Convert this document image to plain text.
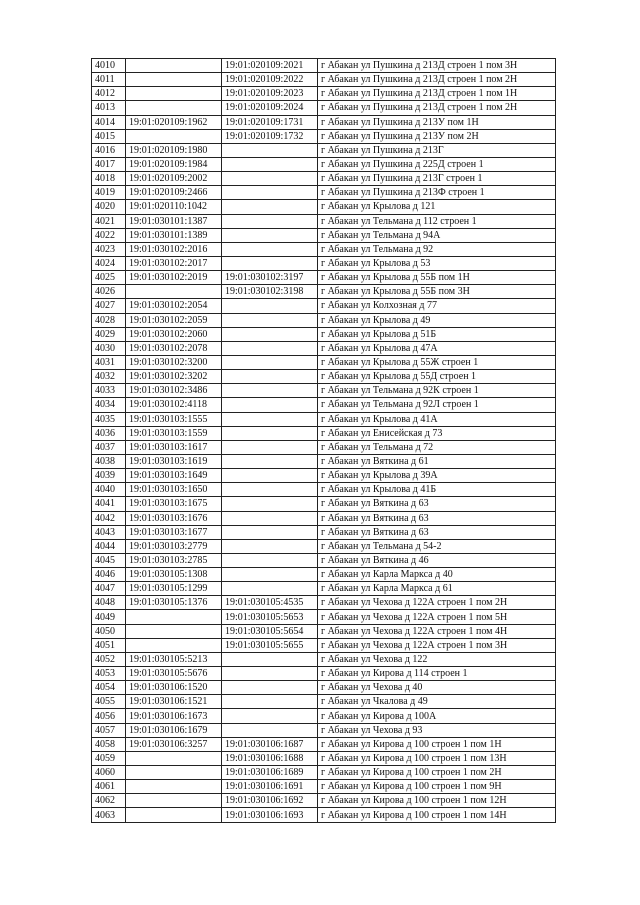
4010		19:01:020109:2021	г Абакан ул Пушкина д 213Д строен 1 пом 3Н
4011		19:01:020109:2022	г Абакан ул Пушкина д 213Д строен 1 пом 2Н
4012		19:01:020109:2023	г Абакан ул Пушкина д 213Д строен 1 пом 1Н
4013		19:01:020109:2024	г Абакан ул Пушкина д 213Д строен 1 пом 2Н
4014	19:01:020109:1962	19:01:020109:1731	г Абакан ул Пушкина д 213У пом 1Н
4015		19:01:020109:1732	г Абакан ул Пушкина д 213У пом 2Н
4016	19:01:020109:1980		г Абакан ул Пушкина д 213Г
4017	19:01:020109:1984		г Абакан ул Пушкина д 225Д строен 1
4018	19:01:020109:2002		г Абакан ул Пушкина д 213Г строен 1
4019	19:01:020109:2466		г Абакан ул Пушкина д 213Ф строен 1
4020	19:01:020110:1042		г Абакан ул Крылова д 121
4021	19:01:030101:1387		г Абакан ул Тельмана д 112 строен 1
4022	19:01:030101:1389		г Абакан ул Тельмана д 94А
4023	19:01:030102:2016		г Абакан ул Тельмана д 92
4024	19:01:030102:2017		г Абакан ул Крылова д 53
4025	19:01:030102:2019	19:01:030102:3197	г Абакан ул Крылова д 55Б пом 1Н
4026		19:01:030102:3198	г Абакан ул Крылова д 55Б пом 3Н
4027	19:01:030102:2054		г Абакан ул Колхозная д 77
4028	19:01:030102:2059		г Абакан ул Крылова д 49
4029	19:01:030102:2060		г Абакан ул Крылова д 51Б
4030	19:01:030102:2078		г Абакан ул Крылова д 47А
4031	19:01:030102:3200		г Абакан ул Крылова д 55Ж строен 1
4032	19:01:030102:3202		г Абакан ул Крылова д 55Д строен 1
4033	19:01:030102:3486		г Абакан ул Тельмана д 92К строен 1
4034	19:01:030102:4118		г Абакан ул Тельмана д 92Л строен 1
4035	19:01:030103:1555		г Абакан ул Крылова д 41А
4036	19:01:030103:1559		г Абакан ул Енисейская д 73
4037	19:01:030103:1617		г Абакан ул Тельмана д 72
4038	19:01:030103:1619		г Абакан ул Вяткина д 61
4039	19:01:030103:1649		г Абакан ул Крылова д 39А
4040	19:01:030103:1650		г Абакан ул Крылова д 41Б
4041	19:01:030103:1675		г Абакан ул Вяткина д 63
4042	19:01:030103:1676		г Абакан ул Вяткина д 63
4043	19:01:030103:1677		г Абакан ул Вяткина д 63
4044	19:01:030103:2779		г Абакан ул Тельмана д 54-2
4045	19:01:030103:2785		г Абакан ул Вяткина д 46
4046	19:01:030105:1308		г Абакан ул Карла Маркса д 40
4047	19:01:030105:1299		г Абакан ул Карла Маркса д 61
4048	19:01:030105:1376	19:01:030105:4535	г Абакан ул Чехова д 122А строен 1 пом 2Н
4049		19:01:030105:5653	г Абакан ул Чехова д 122А строен 1 пом 5Н
4050		19:01:030105:5654	г Абакан ул Чехова д 122А строен 1 пом 4Н
4051		19:01:030105:5655	г Абакан ул Чехова д 122А строен 1 пом 3Н
4052	19:01:030105:5213		г Абакан ул Чехова д 122
4053	19:01:030105:5676		г Абакан ул Кирова д 114 строен 1
4054	19:01:030106:1520		г Абакан ул Чехова д 40
4055	19:01:030106:1521		г Абакан ул Чкалова д 49
4056	19:01:030106:1673		г Абакан ул Кирова д 100А
4057	19:01:030106:1679		г Абакан ул Чехова д 93
4058	19:01:030106:3257	19:01:030106:1687	г Абакан ул Кирова д 100 строен 1 пом 1Н
4059		19:01:030106:1688	г Абакан ул Кирова д 100 строен 1 пом 13Н
4060		19:01:030106:1689	г Абакан ул Кирова д 100 строен 1 пом 2Н
4061		19:01:030106:1691	г Абакан ул Кирова д 100 строен 1 пом 9Н
4062		19:01:030106:1692	г Абакан ул Кирова д 100 строен 1 пом 12Н
4063		19:01:030106:1693	г Абакан ул Кирова д 100 строен 1 пом 14Н
